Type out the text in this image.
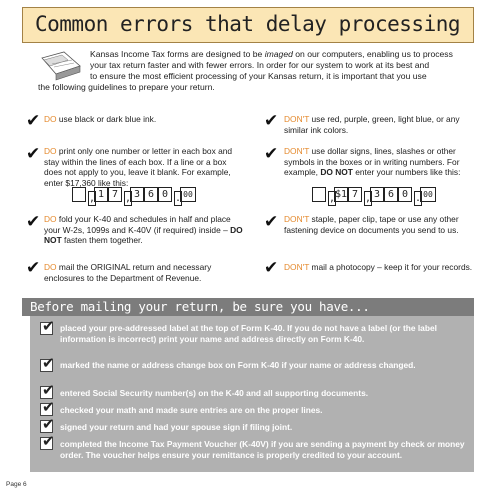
Common errors that delay processing
Kansas Income Tax forms are designed to be imaged on our computers, enabling us to process
your tax return faster and with fewer errors. In order for our system to work at its best and
to ensure the most efficient processing of your Kansas return, it is important that you use
the following guidelines to prepare your return.
✔ DO use black or dark blue ink.
✔ DO print only one number or letter in each box and stay within the lines of each box. If a line or a box does not apply to you, leave it blank. For example, enter $17,360 like this:
, 1 7 , 3 6 0 . 00
✔ DO fold your K-40 and schedules in half and place your W-2s, 1099s and K-40V (if required) inside – DO NOT fasten them together.
✔ DO mail the ORIGINAL return and necessary enclosures to the Department of Revenue.
✔ DON'T use red, purple, green, light blue, or any similar ink colors.
✔ DON'T use dollar signs, lines, slashes or other symbols in the boxes or in writing numbers. For example, DO NOT enter your numbers like this:
, $1 7 , 3 6 0 . 00
✔ DON'T staple, paper clip, tape or use any other fastening device on documents you send to us.
✔ DON'T mail a photocopy – keep it for your records.
Before mailing your return, be sure you have...
✔ placed your pre-addressed label at the top of Form K-40. If you do not have a label (or the label information is incorrect) print your name and address directly on Form K-40.
✔ marked the name or address change box on Form K-40 if your name or address changed.
✔ entered Social Security number(s) on the K-40 and all supporting documents.
✔ checked your math and made sure entries are on the proper lines.
✔ signed your return and had your spouse sign if filing joint.
✔ completed the Income Tax Payment Voucher (K-40V) if you are sending a payment by check or money order. The voucher helps ensure your remittance is properly credited to your account.
Page 6
